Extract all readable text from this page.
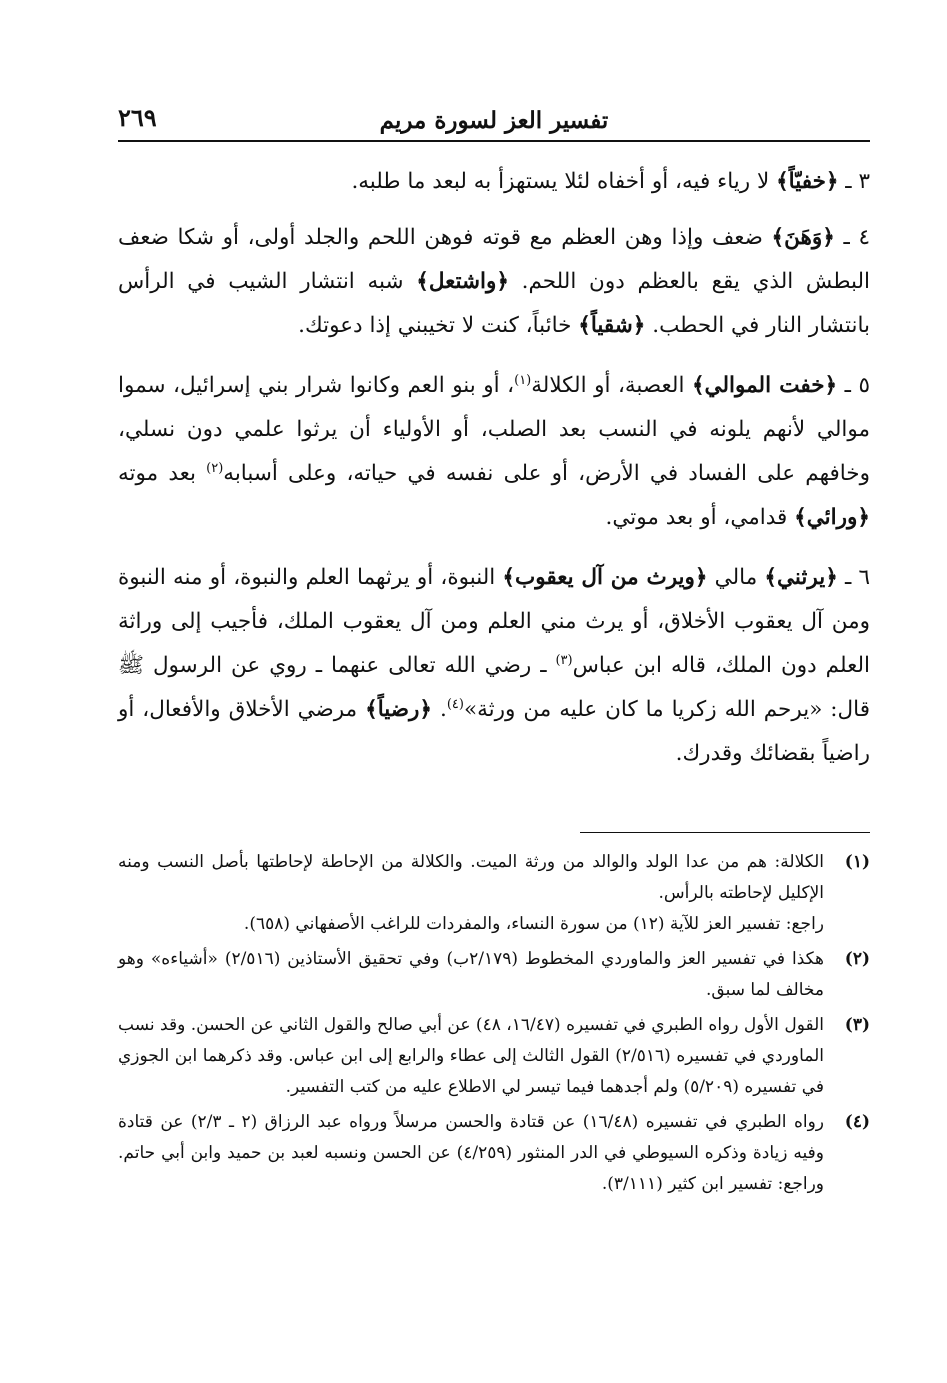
تفسير العز لسورة مريم
٢٦٩

٣ ـ ﴿خفيّاً﴾ لا رياء فيه، أو أخفاه لئلا يستهزأ به لبعد ما طلبه.

٤ ـ ﴿وَهَنَ﴾ ضعف وإذا وهن العظم مع قوته فوهن اللحم والجلد أولى، أو شكا ضعف البطش الذي يقع بالعظم دون اللحم. ﴿واشتعل﴾ شبه انتشار الشيب في الرأس بانتشار النار في الحطب. ﴿شقياً﴾ خائباً، كنت لا تخيبني إذا دعوتك.

٥ ـ ﴿خفت الموالي﴾ العصبة، أو الكلالة$^{(١)}$، أو بنو العم وكانوا شرار بني إسرائيل، سموا موالي لأنهم يلونه في النسب بعد الصلب، أو الأولياء أن يرثوا علمي دون نسلي، وخافهم على الفساد في الأرض، أو على نفسه في حياته، وعلى أسبابه$^{(٢)}$ بعد موته ﴿ورائي﴾ قدامي، أو بعد موتي.

٦ ـ ﴿يرثني﴾ مالي ﴿ويرث من آل يعقوب﴾ النبوة، أو يرثهما العلم والنبوة، أو منه النبوة ومن آل يعقوب الأخلاق، أو يرث مني العلم ومن آل يعقوب الملك، فأجيب إلى وراثة العلم دون الملك، قاله ابن عباس$^{(٣)}$ ـ رضي الله تعالى عنهما ـ روي عن الرسول ﷺ قال: «يرحم الله زكريا ما كان عليه من ورثة»$^{(٤)}$. ﴿رضياً﴾ مرضي الأخلاق والأفعال، أو راضياً بقضائك وقدرك.

(١)
الكلالة: هم من عدا الولد والوالد من ورثة الميت. والكلالة من الإحاطة لإحاطتها بأصل النسب ومنه الإكليل لإحاطته بالرأس.
راجع: تفسير العز للآية (١٢) من سورة النساء، والمفردات للراغب الأصفهاني (٦٥٨).
(٢)
هكذا في تفسير العز والماوردي المخطوط (٢/١٧٩ب) وفي تحقيق الأستاذين (٢/٥١٦) «أشياءه» وهو مخالف لما سبق.
(٣)
القول الأول رواه الطبري في تفسيره (١٦/٤٧، ٤٨) عن أبي صالح والقول الثاني عن الحسن. وقد نسب الماوردي في تفسيره (٢/٥١٦) القول الثالث إلى عطاء والرابع إلى ابن عباس. وقد ذكرهما ابن الجوزي في تفسيره (٥/٢٠٩) ولم أجدهما فيما تيسر لي الاطلاع عليه من كتب التفسير.
(٤)
رواه الطبري في تفسيره (١٦/٤٨) عن قتادة والحسن مرسلاً ورواه عبد الرزاق (٢ ـ ٢/٣) عن قتادة وفيه زيادة وذكره السيوطي في الدر المنثور (٤/٢٥٩) عن الحسن ونسبه لعبد بن حميد وابن أبي حاتم. وراجع: تفسير ابن كثير (٣/١١١).
